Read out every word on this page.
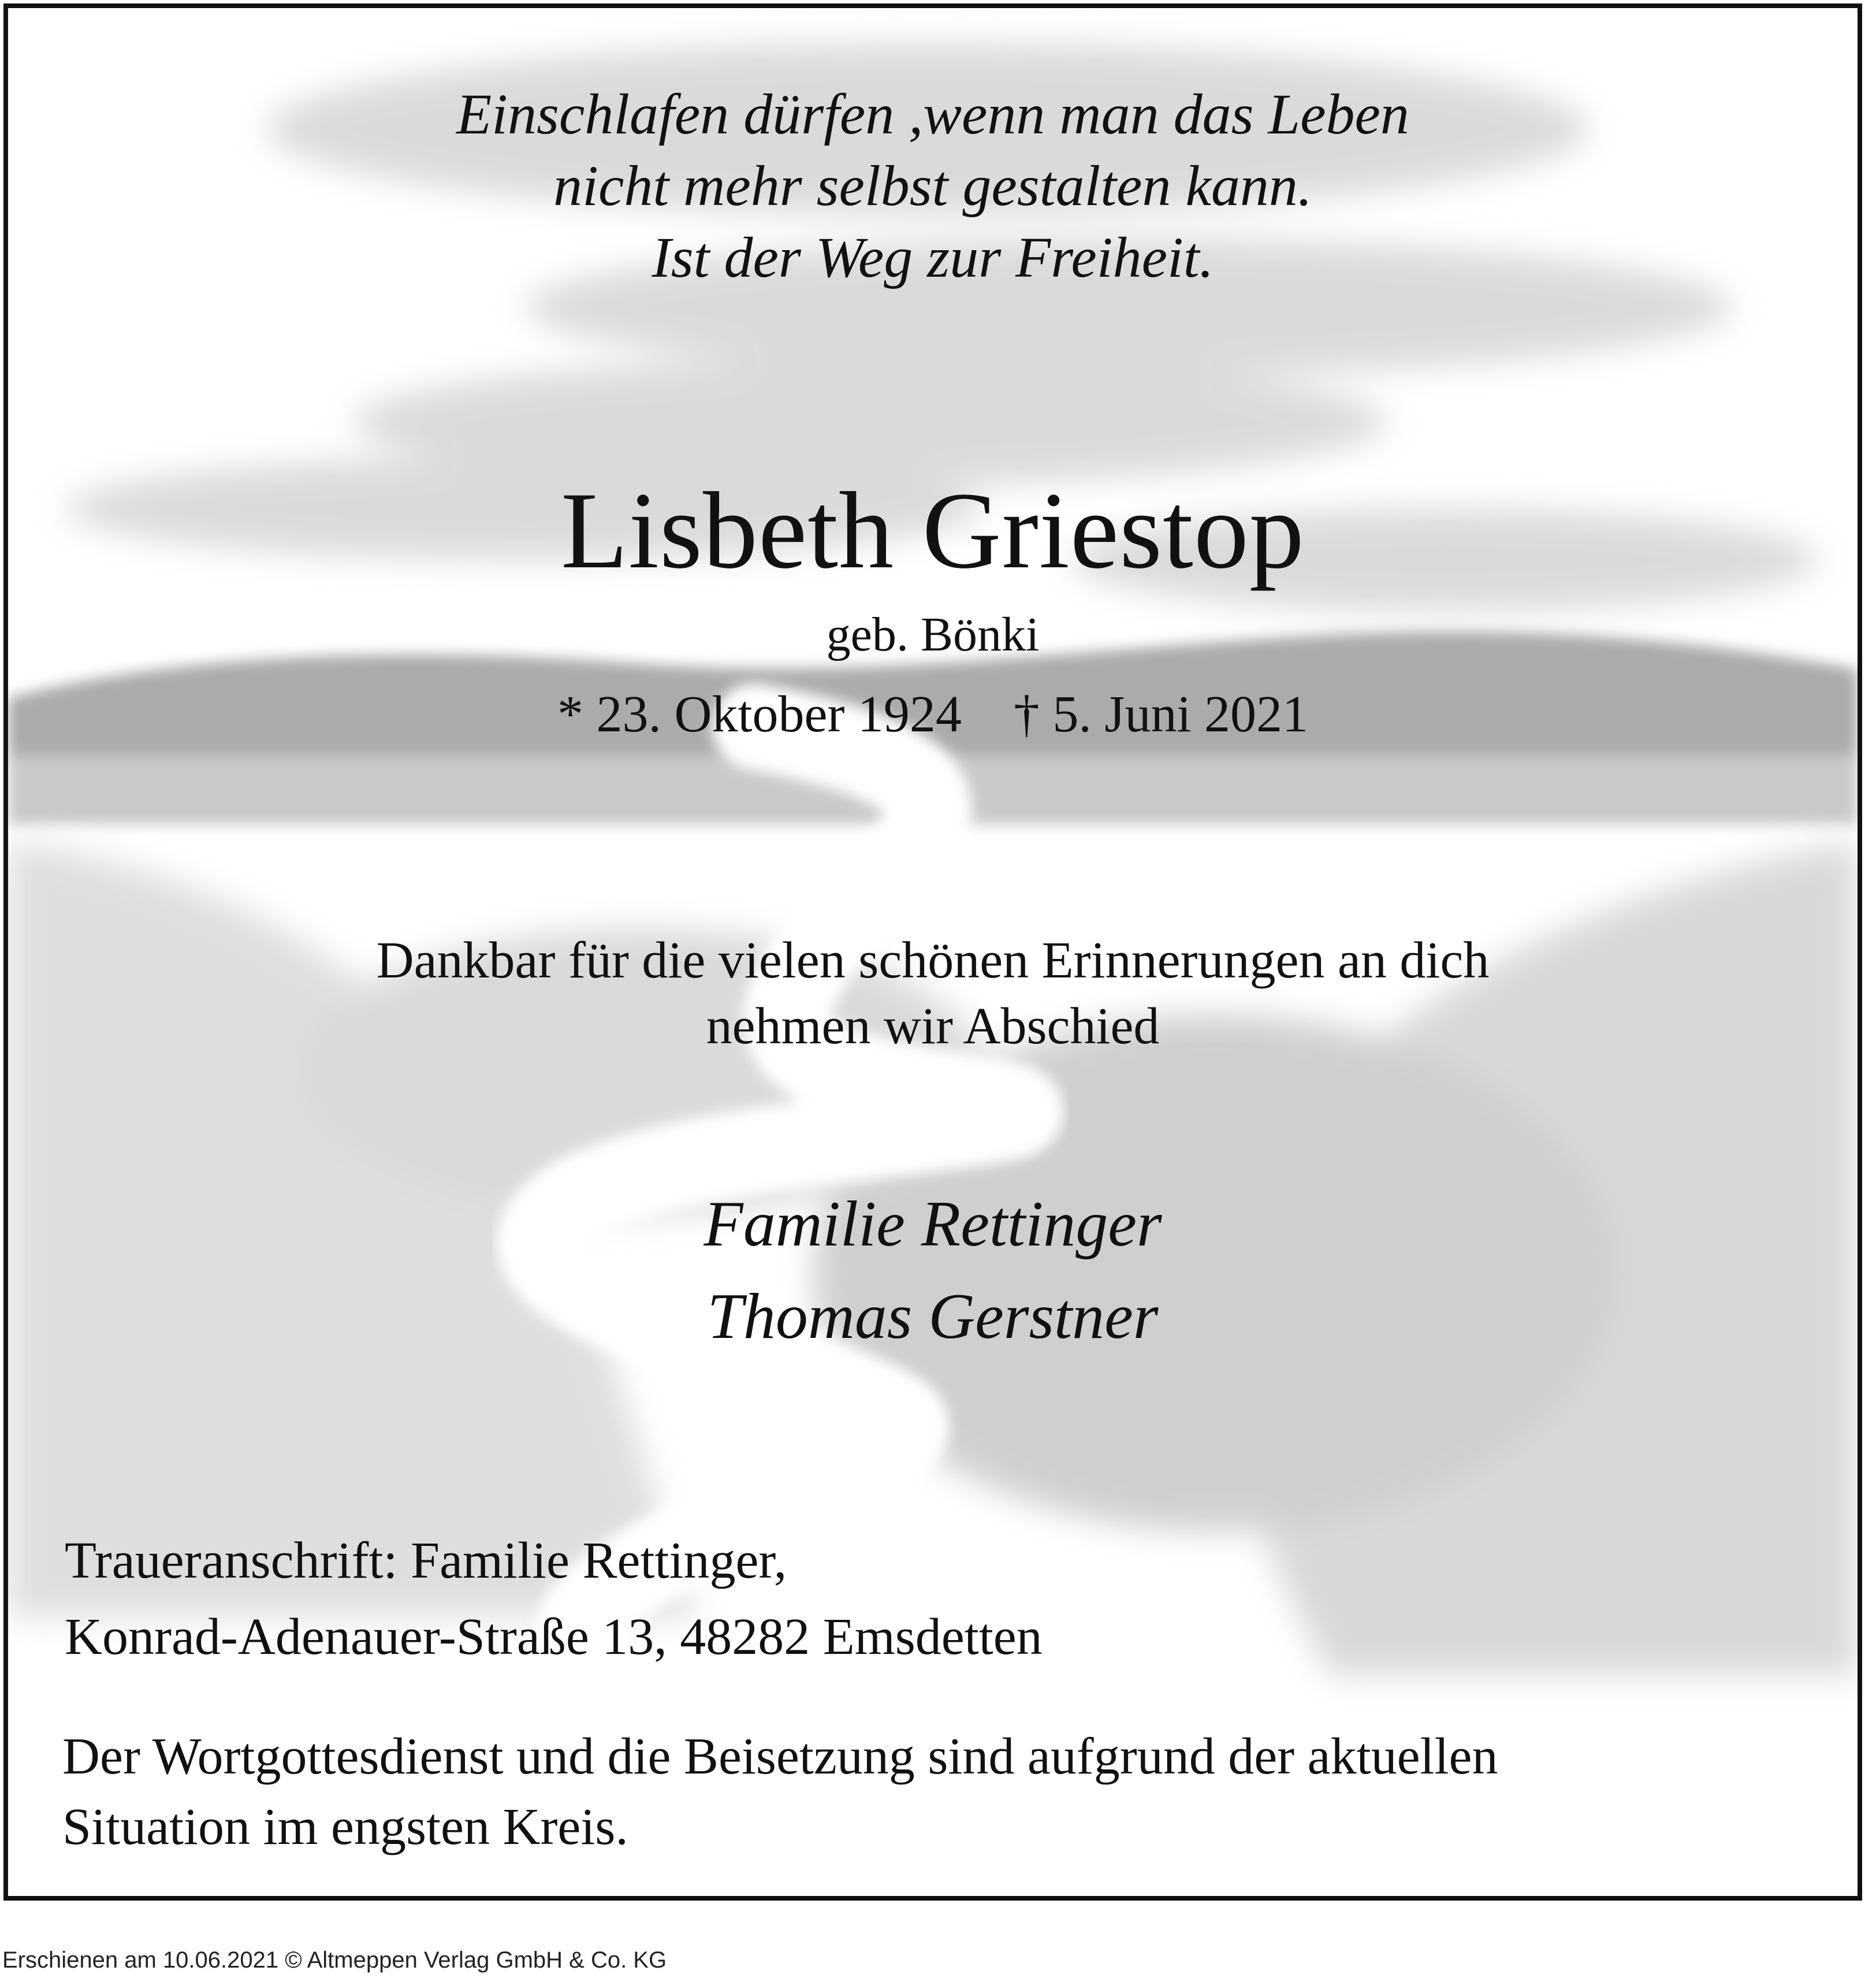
Einschlafen dürfen ,wenn man das Leben
nicht mehr selbst gestalten kann.
Ist der Weg zur Freiheit.
Lisbeth Griestop
geb. Bönki
* 23. Oktober 1924    † 5. Juni 2021
Dankbar für die vielen schönen Erinnerungen an dich
nehmen wir Abschied
Familie Rettinger
Thomas Gerstner
Traueranschrift: Familie Rettinger,
Konrad-Adenauer-Straße 13, 48282 Emsdetten
Der Wortgottesdienst und die Beisetzung sind aufgrund der aktuellen
Situation im engsten Kreis.
Erschienen am 10.06.2021 © Altmeppen Verlag GmbH & Co. KG
